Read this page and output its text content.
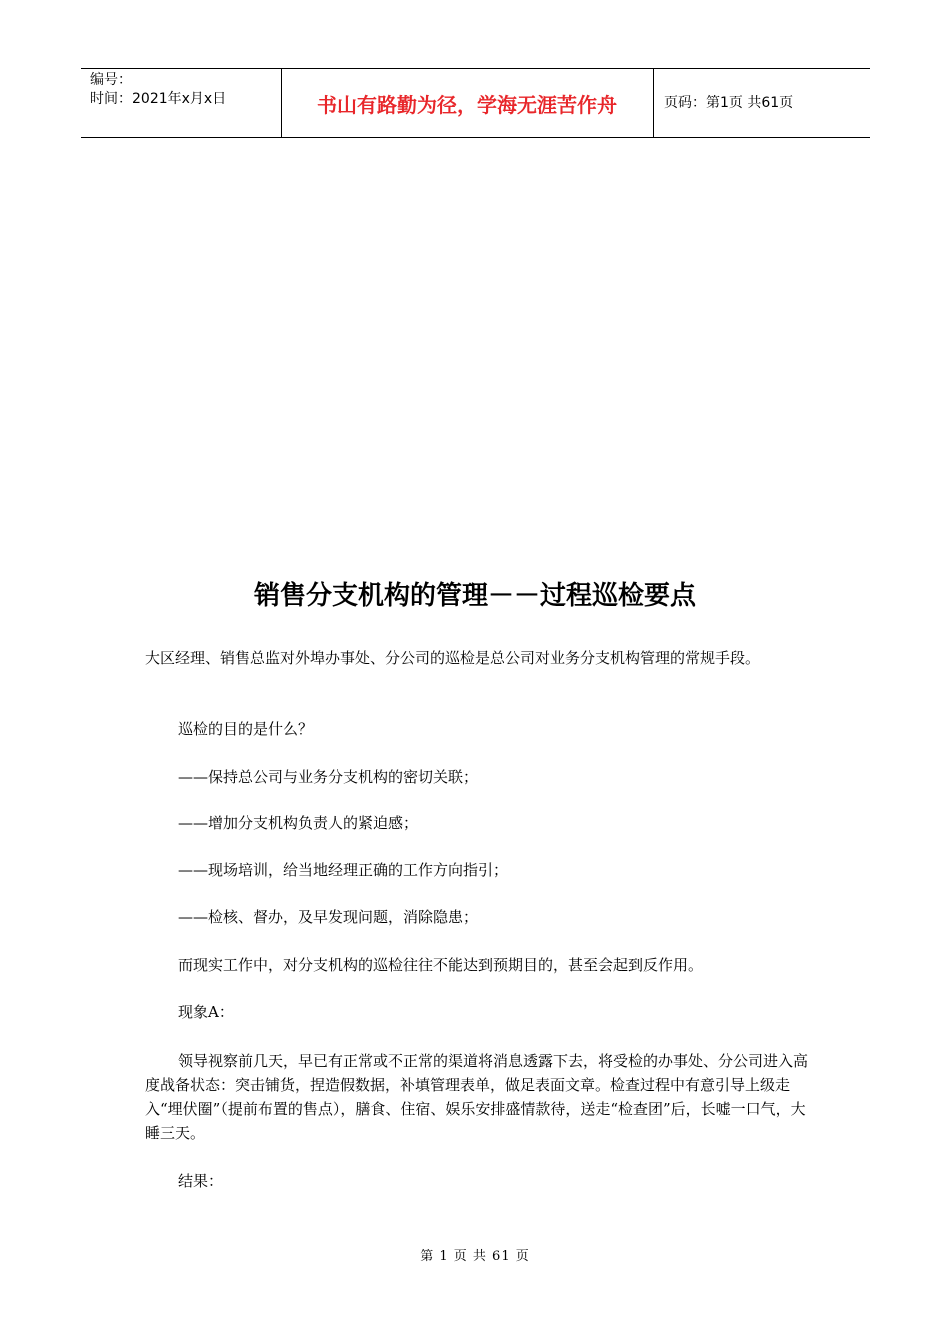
编号：
时间：2021年x月x日	书山有路勤为径，学海无涯苦作舟	页码：第1页 共61页
销售分支机构的管理－－过程巡检要点

大区经理、销售总监对外埠办事处、分公司的巡检是总公司对业务分支机构管理的常规手段。

巡检的目的是什么？

——保持总公司与业务分支机构的密切关联；

——增加分支机构负责人的紧迫感；

——现场培训，给当地经理正确的工作方向指引；

——检核、督办，及早发现问题，消除隐患；

而现实工作中，对分支机构的巡检往往不能达到预期目的，甚至会起到反作用。

现象A：

领导视察前几天，早已有正常或不正常的渠道将消息透露下去，将受检的办事处、分公司进入高度战备状态：突击铺货，捏造假数据，补填管理表单，做足表面文章。检查过程中有意引导上级走入“埋伏圈”（提前布置的售点），膳食、住宿、娱乐安排盛情款待，送走“检查团”后，长嘘一口气，大睡三天。

结果：

第 1 页 共 61 页
